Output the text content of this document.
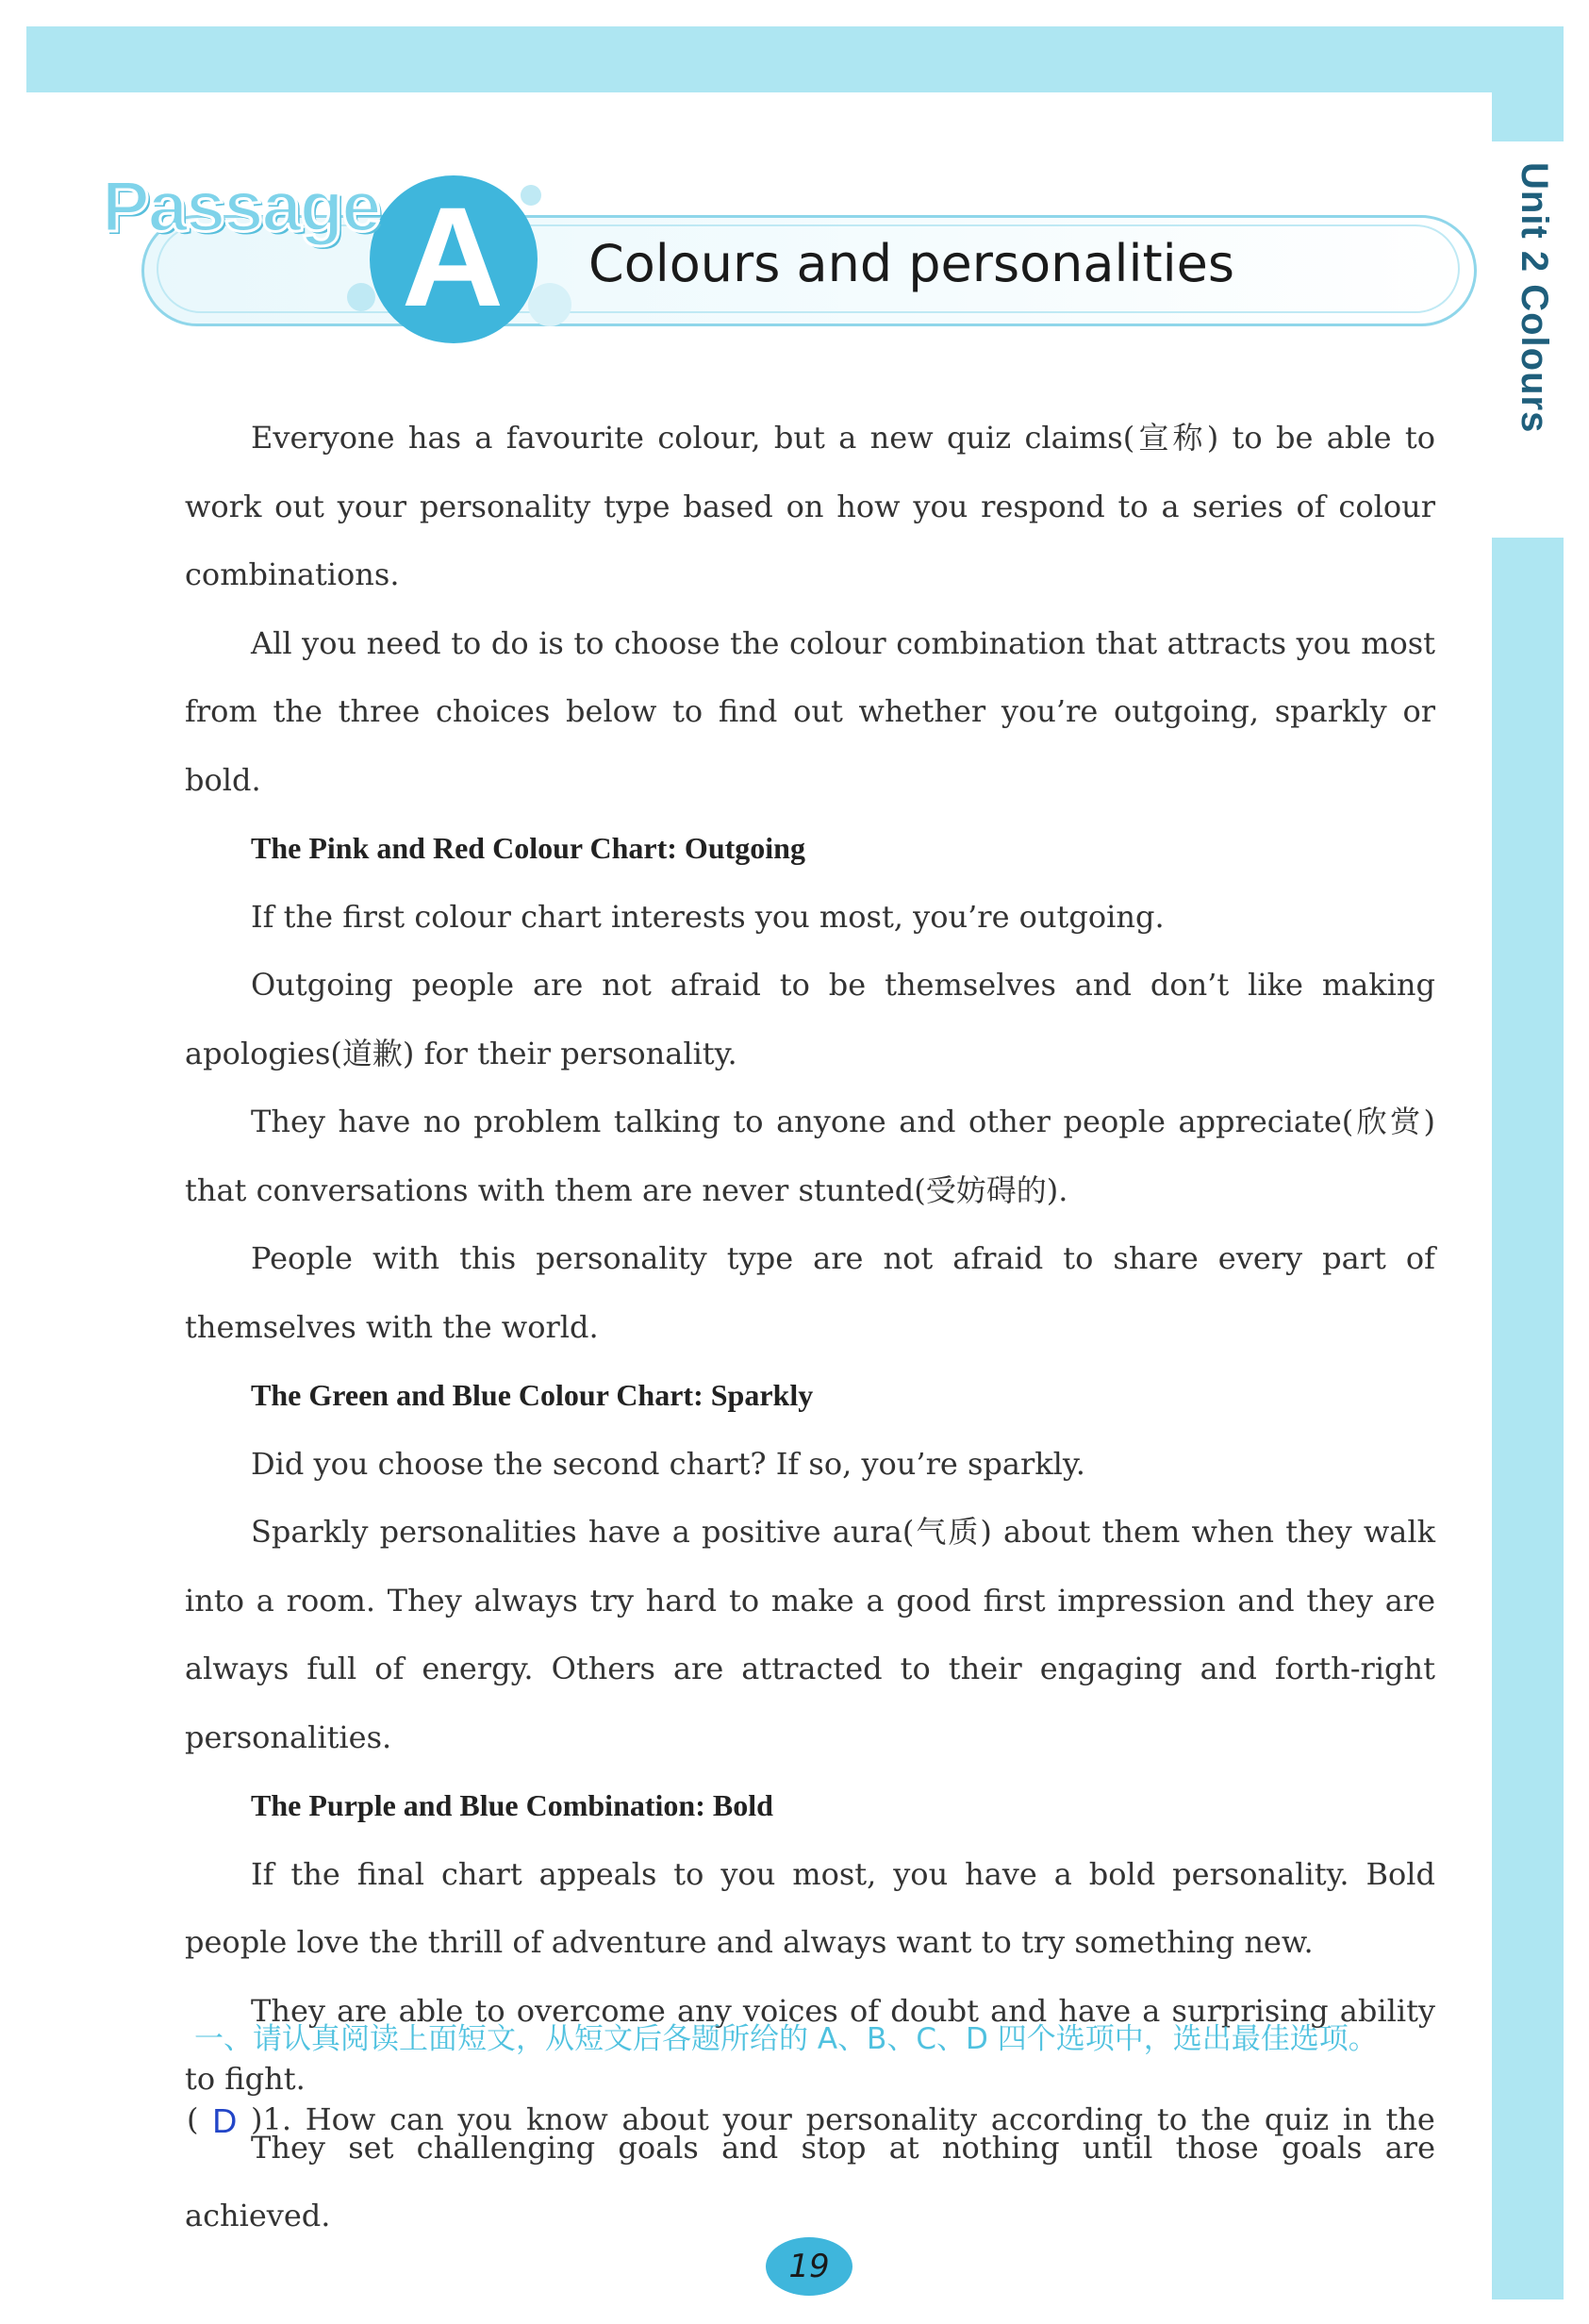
Unit 2 Colours
Passage A	Colours and personalities

Everyone has a favourite colour, but a new quiz claims(宣称) to be able to work out your personality type based on how you respond to a series of colour combinations.

All you need to do is to choose the colour combination that attracts you most from the three choices below to find out whether you’re outgoing, sparkly or bold.

The Pink and Red Colour Chart: Outgoing

If the first colour chart interests you most, you’re outgoing.

Outgoing people are not afraid to be themselves and don’t like making apologies(道歉) for their personality.

They have no problem talking to anyone and other people appreciate(欣赏) that conversations with them are never stunted(受妨碍的).

People with this personality type are not afraid to share every part of themselves with the world.

The Green and Blue Colour Chart: Sparkly

Did you choose the second chart? If so, you’re sparkly.

Sparkly personalities have a positive aura(气质) about them when they walk into a room. They always try hard to make a good first impression and they are always full of energy. Others are attracted to their engaging and forth-right personalities.

The Purple and Blue Combination: Bold

If the final chart appeals to you most, you have a bold personality. Bold people love the thrill of adventure and always want to try something new.

They are able to overcome any voices of doubt and have a surprising ability to fight.

They set challenging goals and stop at nothing until those goals are achieved.

一、请认真阅读上面短文，从短文后各题所给的 A、B、C、D 四个选项中，选出最佳选项。
( D )1. How can you know about your personality according to the quiz in the
19
